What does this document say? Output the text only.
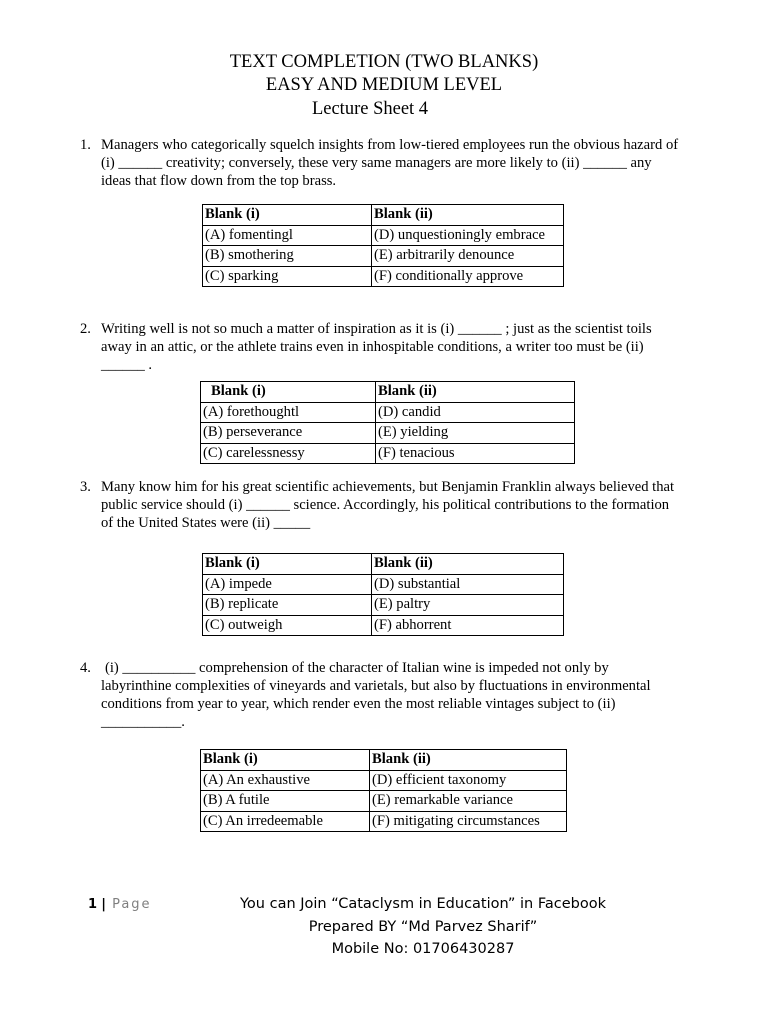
TEXT COMPLETION (TWO BLANKS)
EASY AND MEDIUM LEVEL
Lecture Sheet 4
1. Managers who categorically squelch insights from low-tiered employees run the obvious hazard of (i) ______ creativity; conversely, these very same managers are more likely to (ii) ______ any ideas that flow down from the top brass.
Blank (i)	Blank (ii)
(A) fomentingl	(D) unquestioningly embrace
(B) smothering	(E) arbitrarily denounce
(C) sparking	(F) conditionally approve
2. Writing well is not so much a matter of inspiration as it is (i) ______ ; just as the scientist toils away in an attic, or the athlete trains even in inhospitable conditions, a writer too must be (ii) ______ .
Blank (i)	Blank (ii)
(A) forethoughtl	(D) candid
(B) perseverance	(E) yielding
(C) carelessnessy	(F) tenacious
3. Many know him for his great scientific achievements, but Benjamin Franklin always believed that public service should (i) ______ science. Accordingly, his political contributions to the formation of the United States were (ii) _____
Blank (i)	Blank (ii)
(A) impede	(D) substantial
(B) replicate	(E) paltry
(C) outweigh	(F) abhorrent
4. (i) __________ comprehension of the character of Italian wine is impeded not only by labyrinthine complexities of vineyards and varietals, but also by fluctuations in environmental conditions from year to year, which render even the most reliable vintages subject to (ii) ___________.
Blank (i)	Blank (ii)
(A) An exhaustive	(D) efficient taxonomy
(B) A futile	(E) remarkable variance
(C) An irredeemable	(F) mitigating circumstances
1 | Page	You can Join “Cataclysm in Education” in Facebook
Prepared BY “Md Parvez Sharif”
Mobile No: 01706430287
